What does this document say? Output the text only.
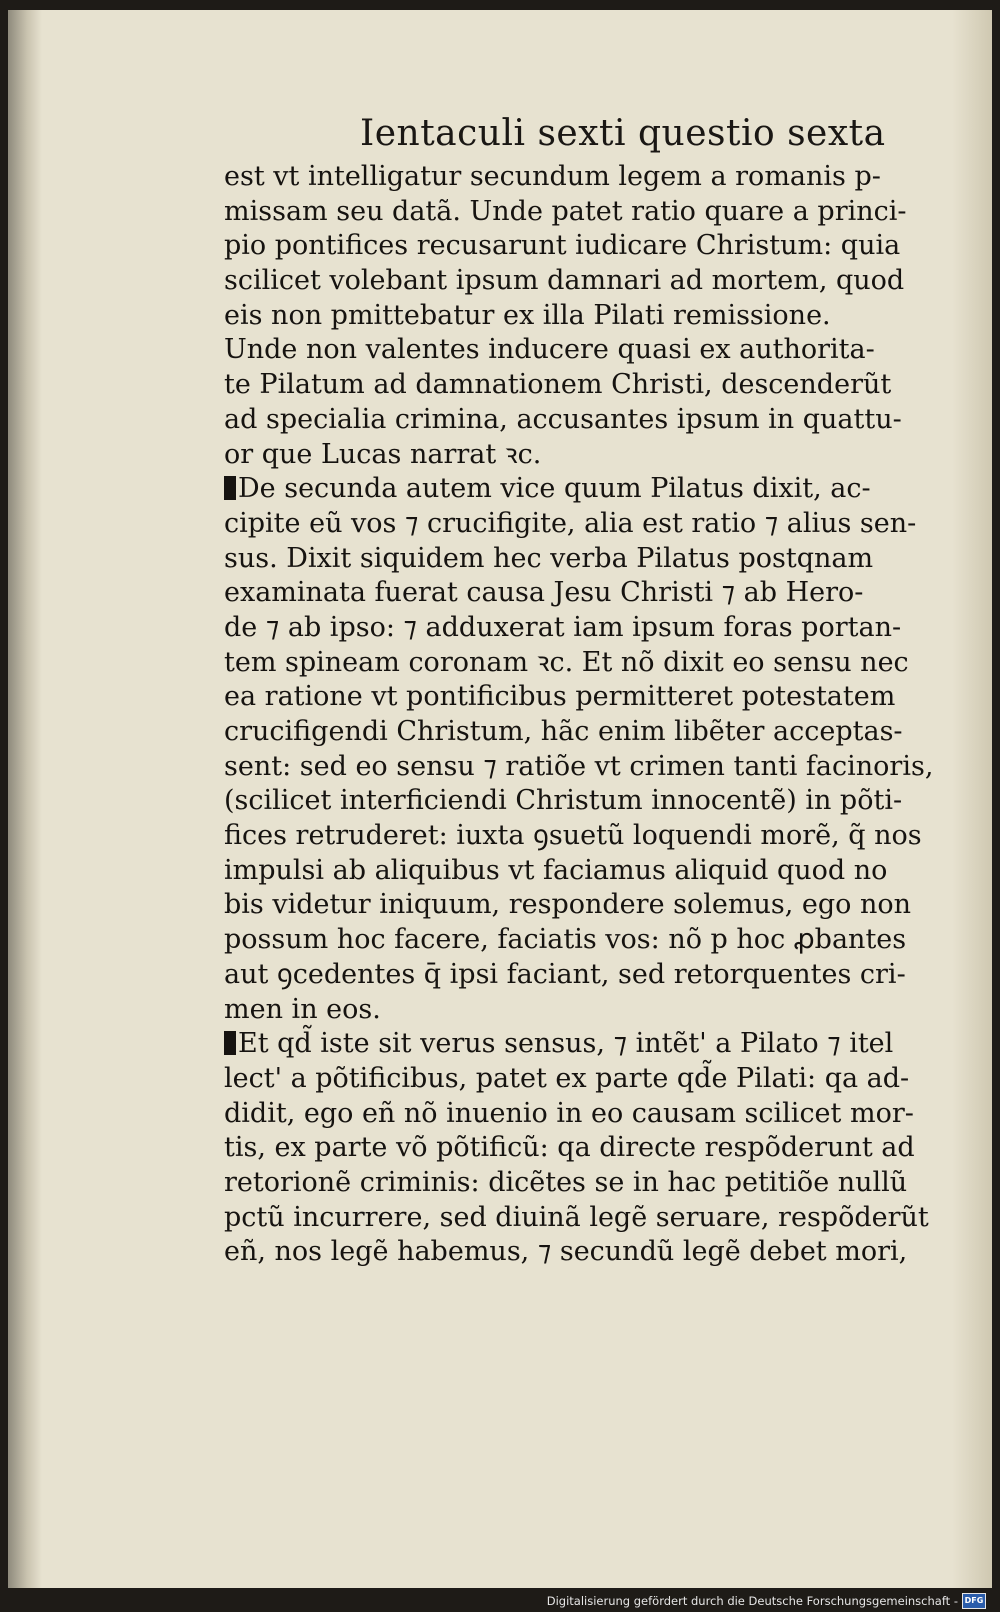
Ientaculi sexti questio sexta
est vt intelligatur secundum legem a romanis p-
missam seu datã. Unde patet ratio quare a princi-
pio pontifices recusarunt iudicare Christum: quia
scilicet volebant ipsum damnari ad mortem, quod
eis non pmittebatur ex illa Pilati remissione.
Unde non valentes inducere quasi ex authorita-
te Pilatum ad damnationem Christi, descenderũt
ad specialia crimina, accusantes ipsum in quattu-
or que Lucas narrat ꝛc.
De secunda autem vice quum Pilatus dixit, ac-
cipite eũ vos ⁊ crucifigite, alia est ratio ⁊ alius sen-
sus. Dixit siquidem hec verba Pilatus postqnam
examinata fuerat causa Jesu Christi ⁊ ab Hero-
de ⁊ ab ipso: ⁊ adduxerat iam ipsum foras portan-
tem spineam coronam ꝛc. Et nõ dixit eo sensu nec
ea ratione vt pontificibus permitteret potestatem
crucifigendi Christum, hãc enim libẽter acceptas-
sent: sed eo sensu ⁊ ratiõe vt crimen tanti facinoris,
(scilicet interficiendi Christum innocentẽ) in põti-
fices retruderet: iuxta ꝯsuetũ loquendi morẽ, q̃ nos
impulsi ab aliquibus vt faciamus aliquid quod no
bis videtur iniquum, respondere solemus, ego non
possum hoc facere, faciatis vos: nõ p hoc ꝓbantes
aut ꝯcedentes q̄ ipsi faciant, sed retorquentes cri-
men in eos.
Et qd̃ iste sit verus sensus, ⁊ intẽt' a Pilato ⁊ itel
lect' a põtificibus, patet ex parte qd̃e Pilati: qa ad-
didit, ego eñ nõ inuenio in eo causam scilicet mor-
tis, ex parte võ põtificũ: qa directe respõderunt ad
retorionẽ criminis: dicẽtes se in hac petitiõe nullũ
pctũ incurrere, sed diuinã legẽ seruare, respõderũt
eñ, nos legẽ habemus, ⁊ secundũ legẽ debet mori,
Digitalisierung gefördert durch die Deutsche Forschungsgemeinschaft - DFG
